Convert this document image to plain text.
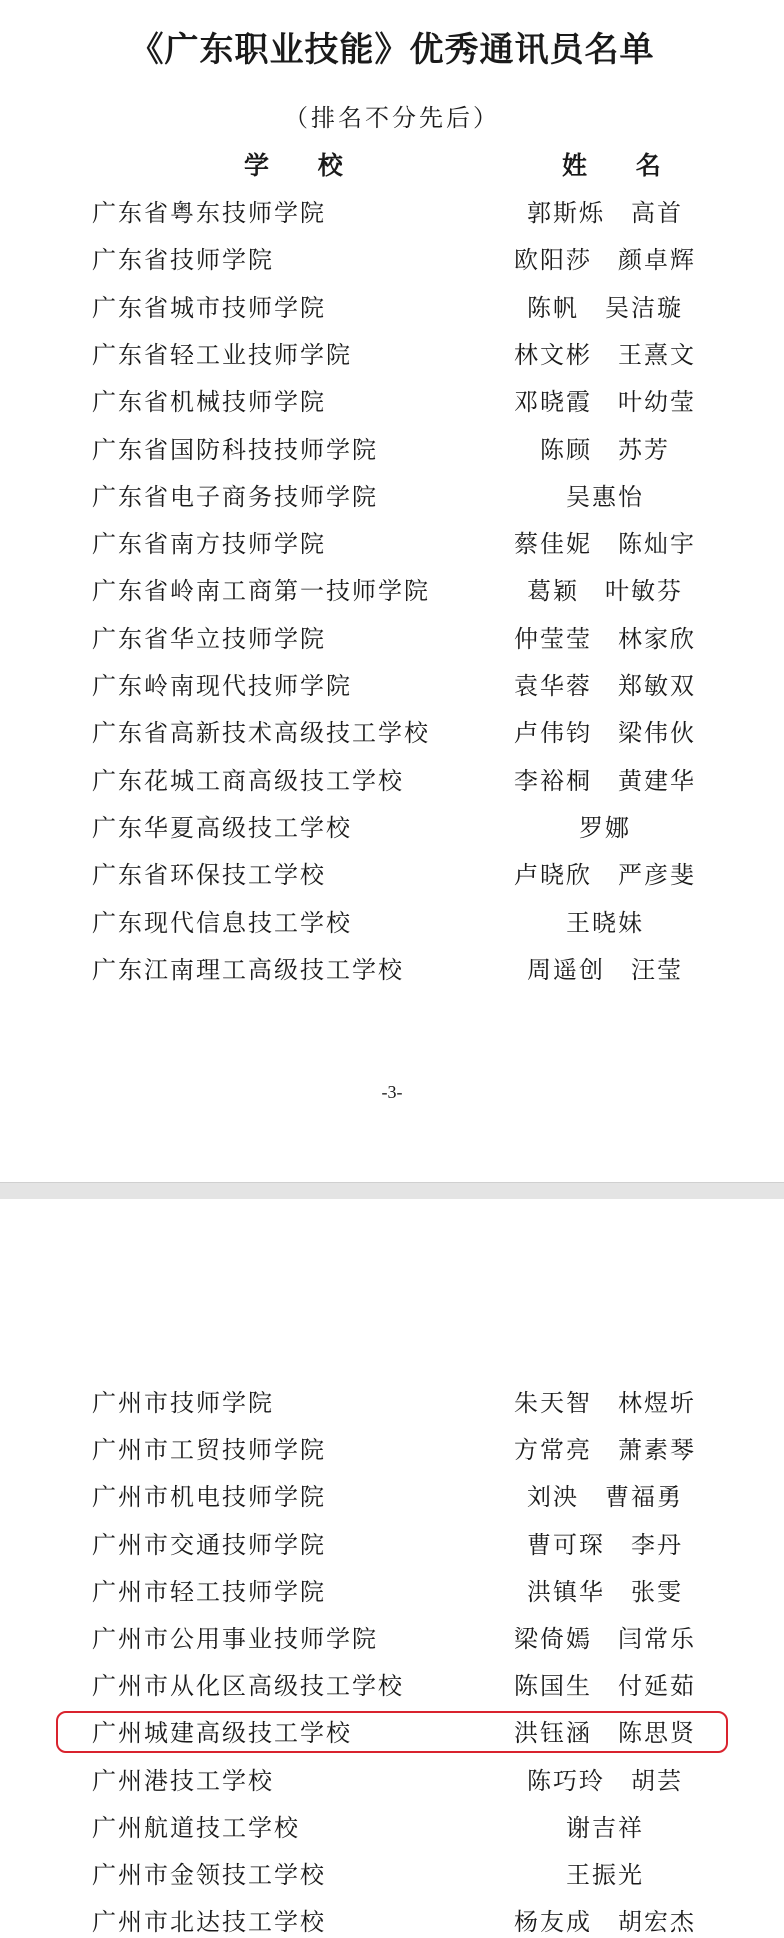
《广东职业技能》优秀通讯员名单
（排名不分先后）
学 校	姓 名
广东省粤东技师学院	郭斯烁 高首
广东省技师学院	欧阳莎 颜卓辉
广东省城市技师学院	陈帆 吴洁璇
广东省轻工业技师学院	林文彬 王熹文
广东省机械技师学院	邓晓霞 叶幼莹
广东省国防科技技师学院	陈顾 苏芳
广东省电子商务技师学院	吴惠怡
广东省南方技师学院	蔡佳妮 陈灿宇
广东省岭南工商第一技师学院	葛颖 叶敏芬
广东省华立技师学院	仲莹莹 林家欣
广东岭南现代技师学院	袁华蓉 郑敏双
广东省高新技术高级技工学校	卢伟钧 梁伟伙
广东花城工商高级技工学校	李裕桐 黄建华
广东华夏高级技工学校	罗娜
广东省环保技工学校	卢晓欣 严彦斐
广东现代信息技工学校	王晓妹
广东江南理工高级技工学校	周遥创 汪莹
-3-
广州市技师学院	朱天智 林煜圻
广州市工贸技师学院	方常亮 萧素琴
广州市机电技师学院	刘泱 曹福勇
广州市交通技师学院	曹可琛 李丹
广州市轻工技师学院	洪镇华 张雯
广州市公用事业技师学院	梁倚嫣 闫常乐
广州市从化区高级技工学校	陈国生 付延茹
广州城建高级技工学校	洪钰涵 陈思贤
广州港技工学校	陈巧玲 胡芸
广州航道技工学校	谢吉祥
广州市金领技工学校	王振光
广州市北达技工学校	杨友成 胡宏杰
